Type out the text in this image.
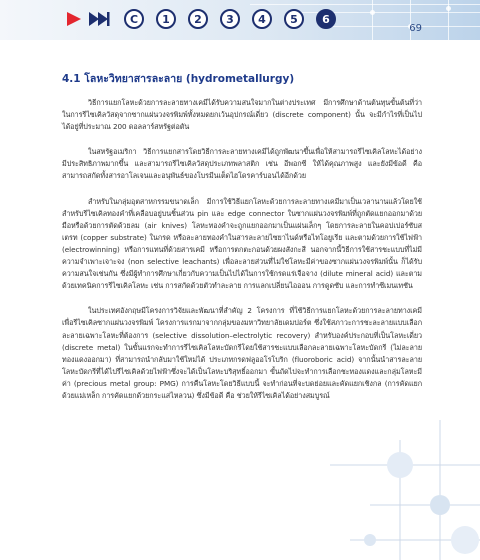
C	1	2	3	4	5	6
69
4.1 โลหะวิทยาสารละลาย (hydrometallurgy)

วิธีการแยกโลหะด้วยการละลายทางเคมีได้รับความสนใจมากในต่างประเทศ มีการศึกษาด้านต้นทุนขั้นต้นที่ว่าในการรีไซเคิลวัสดุจากซากแผ่นวงจรพิมพ์ทั้งหมดยกเว้นอุปกรณ์เดี่ยว (discrete component) นั้น จะมีกำไรที่เป็นไปได้อยู่ที่ประมาณ 200 ดอลลาร์สหรัฐต่อตัน

ในสหรัฐอเมริกา วิธีการแยกสารโดยวิธีการละลายทางเคมีได้ถูกพัฒนาขึ้นเพื่อให้สามารถรีไซเคิลโลหะได้อย่างมีประสิทธิภาพมากขึ้น และสามารถรีไซเคิลวัสดุประเภทพลาสติก เช่น อีพอกซี ให้ได้คุณภาพสูง และยังมีข้อดี คือ สามารถสกัดทั้งสารอาโลเจนและอนุพันธ์ของโบรมีนเต็ดไฮโดรคาร์บอนได้อีกด้วย

สำหรับในกลุ่มอุตสาหกรรมขนาดเล็ก มีการใช้วิธีแยกโลหะด้วยการละลายทางเคมีมาเป็นเวลานานแล้วโดยใช้สำหรับรีไซเคิลทองคำที่เคลือบอยู่บนชิ้นส่วน pin และ edge connector ในซากแผ่นวงจรพิมพ์ที่ถูกตัดแยกออกมาด้วยมือหรือด้วยการตัดด้วยลม (air knives) โลหะทองคำจะถูกแยกออกมาเป็นแผ่นเล็กๆ โดยการละลายในคอปเปอร์ซับสเตรท (copper substrate) ในกรด หรือละลายทองคำในสารละลายไซยาไนด์หรือไทโอยูเรีย และตามด้วยการใช้ไฟฟ้า (electrowinning) หรือการแทนที่ด้วยสารเคมี หรือการตกตะกอนด้วยผงสังกะสี นอกจากนี้วิธีการใช้สารชะแบบที่ไม่มีความจำเพาะเจาะจง (non selective leachants) เพื่อละลายส่วนที่ไม่ใช่โลหะมีค่าของซากแผ่นวงจรพิมพ์นั้น ก็ได้รับความสนใจเช่นกัน ซึ่งมีผู้ทำการศึกษาเกี่ยวกับความเป็นไปได้ในการใช้กรดแร่เจือจาง (dilute mineral acid) และตามด้วยเทคนิคการรีไซเคิลโลหะ เช่น การสกัดด้วยตัวทำละลาย การแลกเปลี่ยนไอออน การดูดซับ และการทำซีเมนเทชัน

ในประเทศอังกฤษมีโครงการวิจัยและพัฒนาที่สำคัญ 2 โครงการ ที่ใช้วิธีการแยกโลหะด้วยการละลายทางเคมีเพื่อรีไซเคิลซากแผ่นวงจรพิมพ์ โครงการแรกมาจากกลุ่มของมหาวิทยาลัยเดมปอร์ต ซึ่งใช้สภาวะการชะละลายแบบเลือกละลายเฉพาะโลหะที่ต้องการ (selective dissolution–electrolytic recovery) สำหรับองค์ประกอบที่เป็นโลหะเดี่ยว (discrete metal) ในขั้นแรกจะทำการรีไซเคิลโลหะบัดกรีโดยใช้สารชะแบบเลือกละลายเฉพาะโลหะบัดกรี (ไม่ละลายทองแดงออกมา) ที่สามารถนำกลับมาใช้ใหม่ได้ ประเภทกรดฟลูออโรโบริก (fluoroboric acid) จากนั้นนำสารละลายโลหะบัดกรีที่ได้ไปรีไซเคิลด้วยไฟฟ้าซึ่งจะได้เป็นโลหะบริสุทธิ์ออกมา ขั้นถัดไปจะทำการเลือกชะทองแดงและกลุ่มโลหะมีค่า (precious metal group: PMG) การคืนโลหะโดยวิธีแบบนี้ จะทำก่อนที่จะบดย่อยและคัดแยกเชิงกล (การคัดแยกด้วยแม่เหล็ก การคัดแยกด้วยกระแสไหลวน) ซึ่งมีข้อดี คือ ช่วยให้รีไซเคิลได้อย่างสมบูรณ์
